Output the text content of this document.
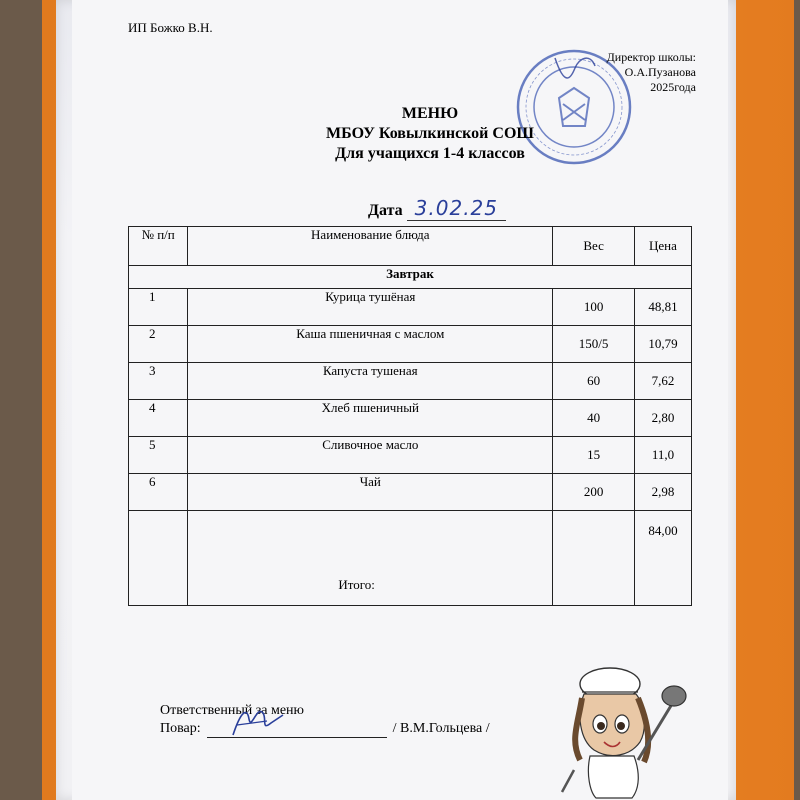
ИП Божко В.Н.
Директор школы:
О.А.Пузанова
2025года
МЕНЮ
МБОУ Ковылкинской СОШ
Для учащихся 1-4 классов
Дата 3.02.25
№ п/п	Наименование блюда	Вес	Цена
Завтрак			
1	Курица тушёная	100	48,81
2	Каша пшеничная с маслом	150/5	10,79
3	Капуста тушеная	60	7,62
4	Хлеб пшеничный	40	2,80
5	Сливочное масло	15	11,0
6	Чай	200	2,98
	Итого:		84,00
Ответственный за меню
Повар:	/ В.М.Гольцева /
